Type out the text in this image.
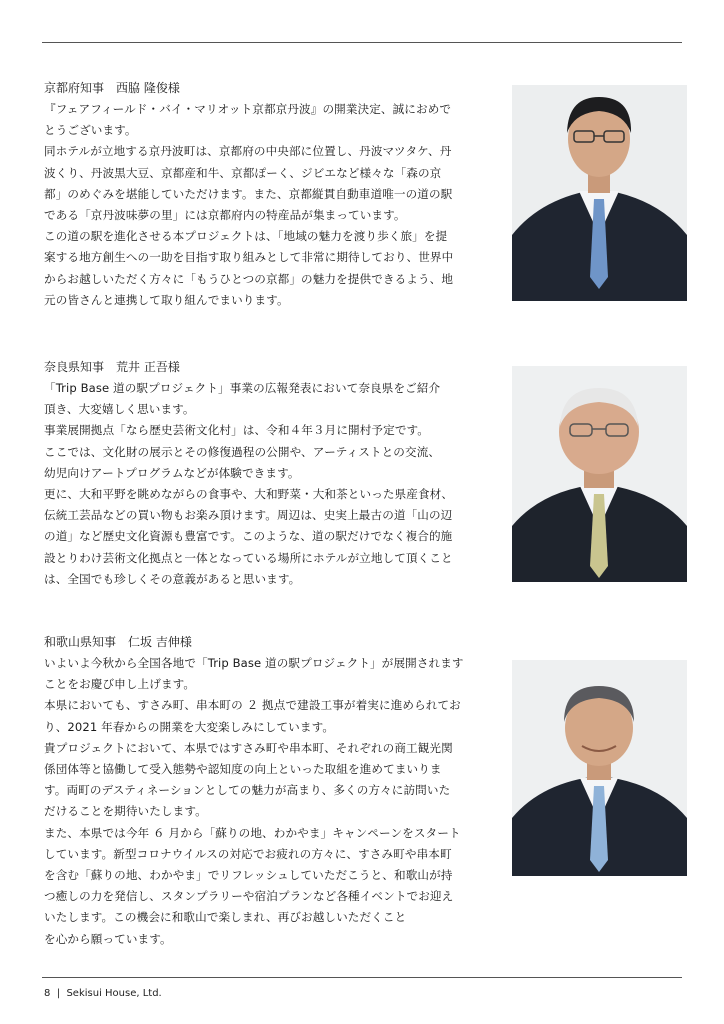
京都府知事　西脇 隆俊様

『フェアフィールド・バイ・マリオット京都京丹波』の開業決定、誠におめで

とうございます。

同ホテルが立地する京丹波町は、京都府の中央部に位置し、丹波マツタケ、丹

波くり、丹波黒大豆、京都産和牛、京都ぽーく、ジビエなど様々な「森の京

都」のめぐみを堪能していただけます。また、京都縦貫自動車道唯一の道の駅

である「京丹波味夢の里」には京都府内の特産品が集まっています。

この道の駅を進化させる本プロジェクトは、「地域の魅力を渡り歩く旅」を提

案する地方創生への一助を目指す取り組みとして非常に期待しており、世界中

からお越しいただく方々に「もうひとつの京都」の魅力を提供できるよう、地

元の皆さんと連携して取り組んでまいります。

奈良県知事　荒井 正吾様

「Trip Base 道の駅プロジェクト」事業の広報発表において奈良県をご紹介

頂き、大変嬉しく思います。

事業展開拠点「なら歴史芸術文化村」は、令和４年３月に開村予定です。

ここでは、文化財の展示とその修復過程の公開や、アーティストとの交流、

幼児向けアートプログラムなどが体験できます。

更に、大和平野を眺めながらの食事や、大和野菜・大和茶といった県産食材、

伝統工芸品などの買い物もお楽み頂けます。周辺は、史実上最古の道「山の辺

の道」など歴史文化資源も豊富です。このような、道の駅だけでなく複合的施

設とりわけ芸術文化拠点と一体となっている場所にホテルが立地して頂くこと

は、全国でも珍しくその意義があると思います。

和歌山県知事　仁坂 吉伸様

いよいよ今秋から全国各地で「Trip Base 道の駅プロジェクト」が展開されます

ことをお慶び申し上げます。

本県においても、すさみ町、串本町の ２ 拠点で建設工事が着実に進められてお

り、2021 年春からの開業を大変楽しみにしています。

貴プロジェクトにおいて、本県ではすさみ町や串本町、それぞれの商工観光関

係団体等と協働して受入態勢や認知度の向上といった取組を進めてまいりま

す。両町のデスティネーションとしての魅力が高まり、多くの方々に訪問いた

だけることを期待いたします。

また、本県では今年 ６ 月から「蘇りの地、わかやま」キャンペーンをスタート

しています。新型コロナウイルスの対応でお疲れの方々に、すさみ町や串本町

を含む「蘇りの地、わかやま」でリフレッシュしていただこうと、和歌山が持

つ癒しの力を発信し、スタンプラリーや宿泊プランなど各種イベントでお迎え

いたします。この機会に和歌山で楽しまれ、再びお越しいただくこと

を心から願っています。

8  |  Sekisui House, Ltd.
